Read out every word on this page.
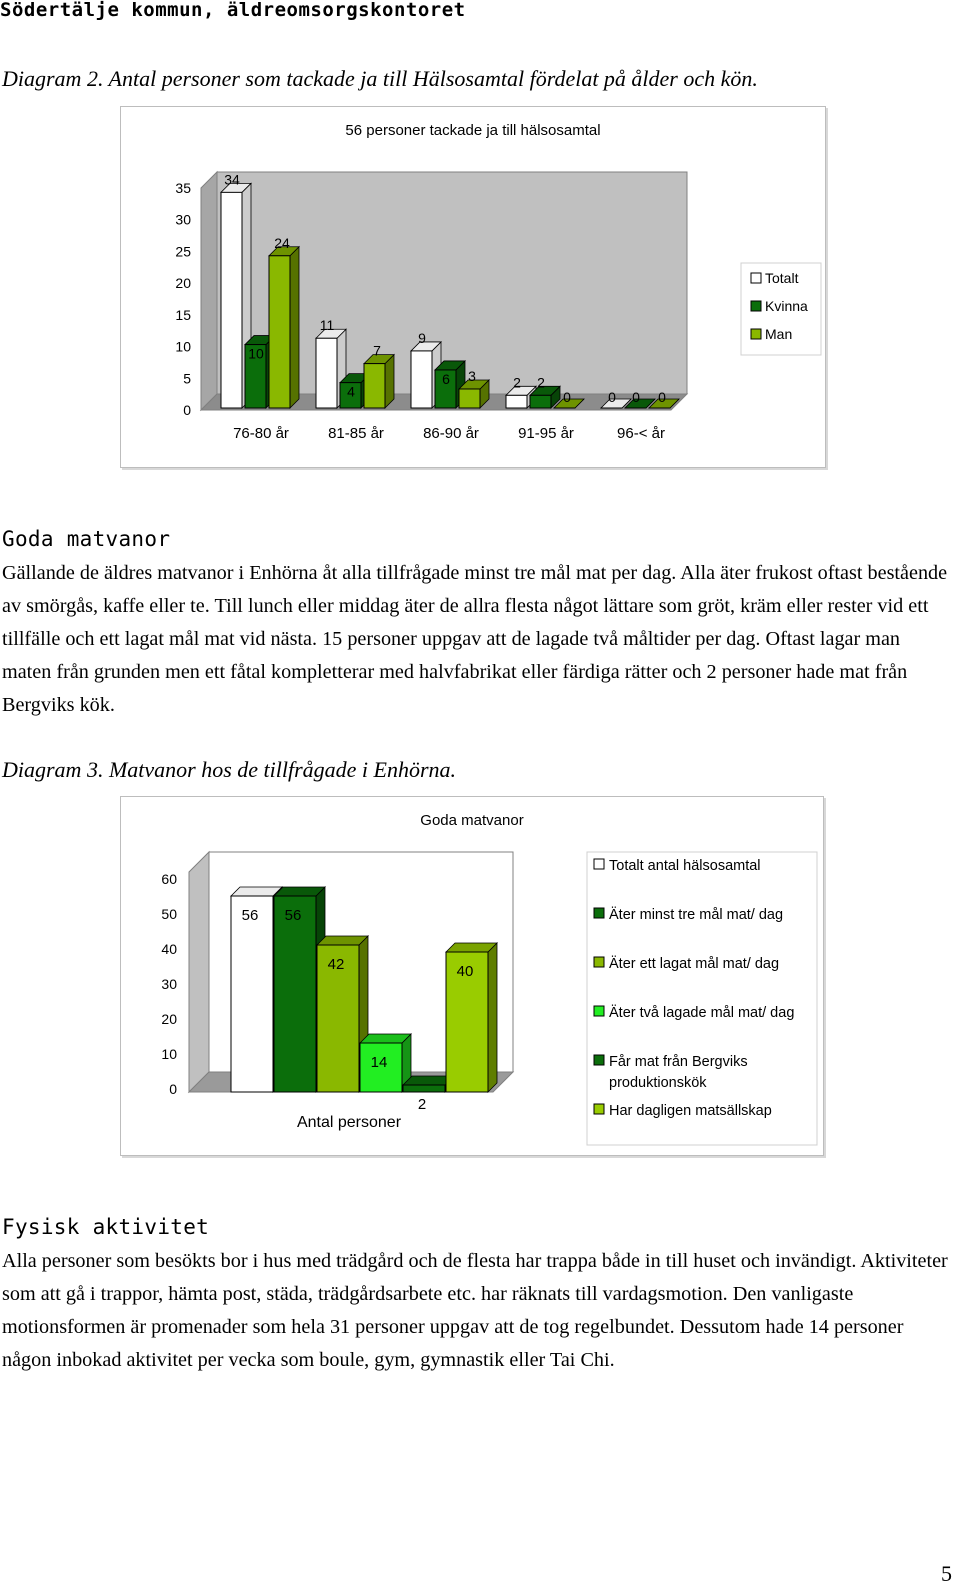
Södertälje kommun, äldreomsorgskontoret
Diagram 2. Antal personer som tackade ja till Hälsosamtal fördelat på ålder och kön.
56 personer tackade ja till hälsosamtal
0
5
10
15
20
25
30
35
76-80 år
34
10
24
81-85 år
11
4
7
86-90 år
9
6 3
91-95 år
2 2
0
96-< år
0 0 0
Totalt
Kvinna
Man
Goda matvanor

Gällande de äldres matvanor i Enhörna åt alla tillfrågade minst tre mål mat per dag. Alla äter frukost oftast bestående av smörgås, kaffe eller te. Till lunch eller middag äter de allra flesta något lättare som gröt, kräm eller rester vid ett tillfälle och ett lagat mål mat vid nästa. 15 personer uppgav att de lagade två måltider per dag. Oftast lagar man maten från grunden men ett fåtal kompletterar med halvfabrikat eller färdiga rätter och 2 personer hade mat från Bergviks kök.

Diagram 3. Matvanor hos de tillfrågade i Enhörna.
Goda matvanor
0
10
20
30
40
50
60
Antal personer
56 56
42
14
2
40
Totalt antal hälsosamtal
Äter minst tre mål mat/ dag
Äter ett lagat mål mat/ dag
Äter två lagade mål mat/ dag
Får mat från Bergviks
produktionskök
Har dagligen matsällskap
Fysisk aktivitet

Alla personer som besökts bor i hus med trädgård och de flesta har trappa både in till huset och invändigt. Aktiviteter som att gå i trappor, hämta post, städa, trädgårdsarbete etc. har räknats till vardagsmotion. Den vanligaste motionsformen är promenader som hela 31 personer uppgav att de tog regelbundet. Dessutom hade 14 personer någon inbokad aktivitet per vecka som boule, gym, gymnastik eller Tai Chi.

5
